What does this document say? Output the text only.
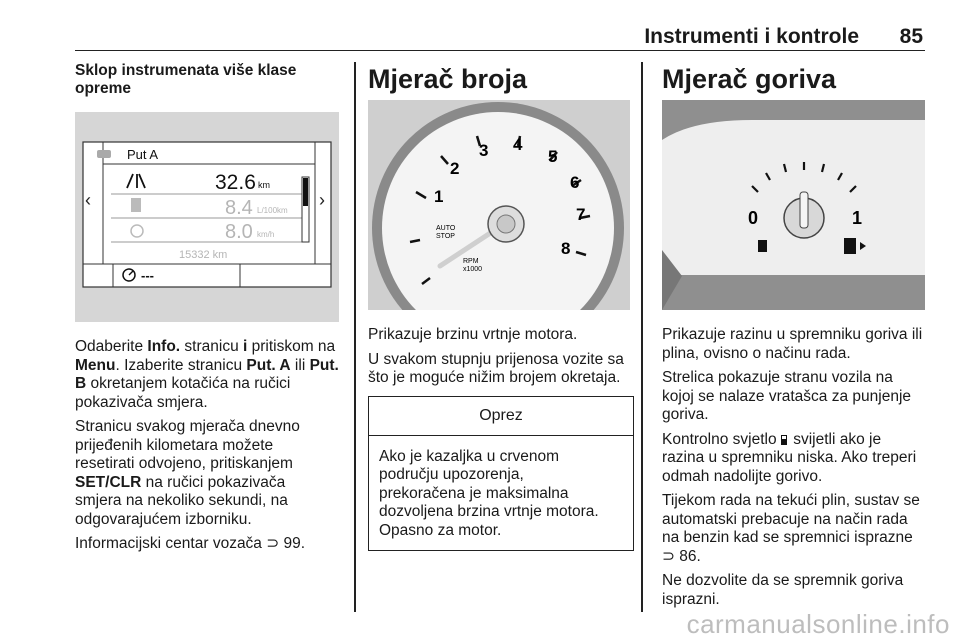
Instrumenti i kontrole 85
Sklop instrumenata više klase
opreme
‹	›
Put A
32.6 km
8.4 L/100km
8.0 km/h
15332 km
---

Odaberite Info. stranicu i pritiskom na Menu. Izaberite stranicu Put. A ili Put.
B okretanjem kotačića na ručici
pokazivača smjera.

Stranicu svakog mjerača dnevno
prijeđenih kilometara možete
resetirati odvojeno, pritiskanjem
SET/CLR na ručici pokazivača
smjera na nekoliko sekundi, na
odgovarajućem izborniku.

Informacijski centar vozača ⊃ 99.

Mjerač broja
1
2
3 4
5
6
7
8
AUTO
STOP
RPM
x1000

Prikazuje brzinu vrtnje motora.

U svakom stupnju prijenosa vozite sa
što je moguće nižim brojem okretaja.

Oprez
Ako je kazaljka u crvenom
području upozorenja,
prekoračena je maksimalna
dozvoljena brzina vrtnje motora.
Opasno za motor.
Mjerač goriva
0	1

Prikazuje razinu u spremniku goriva ili
plina, ovisno o načinu rada.

Strelica pokazuje stranu vozila na
kojoj se nalaze vratašca za punjenje
goriva.

Kontrolno svjetlo  svijetli ako je
razina u spremniku niska. Ako treperi
odmah nadolijte gorivo.

Tijekom rada na tekući plin, sustav se
automatski prebacuje na način rada
na benzin kad se spremnici isprazne
⊃ 86.

Ne dozvolite da se spremnik goriva
isprazni.

carmanualsonline.info
